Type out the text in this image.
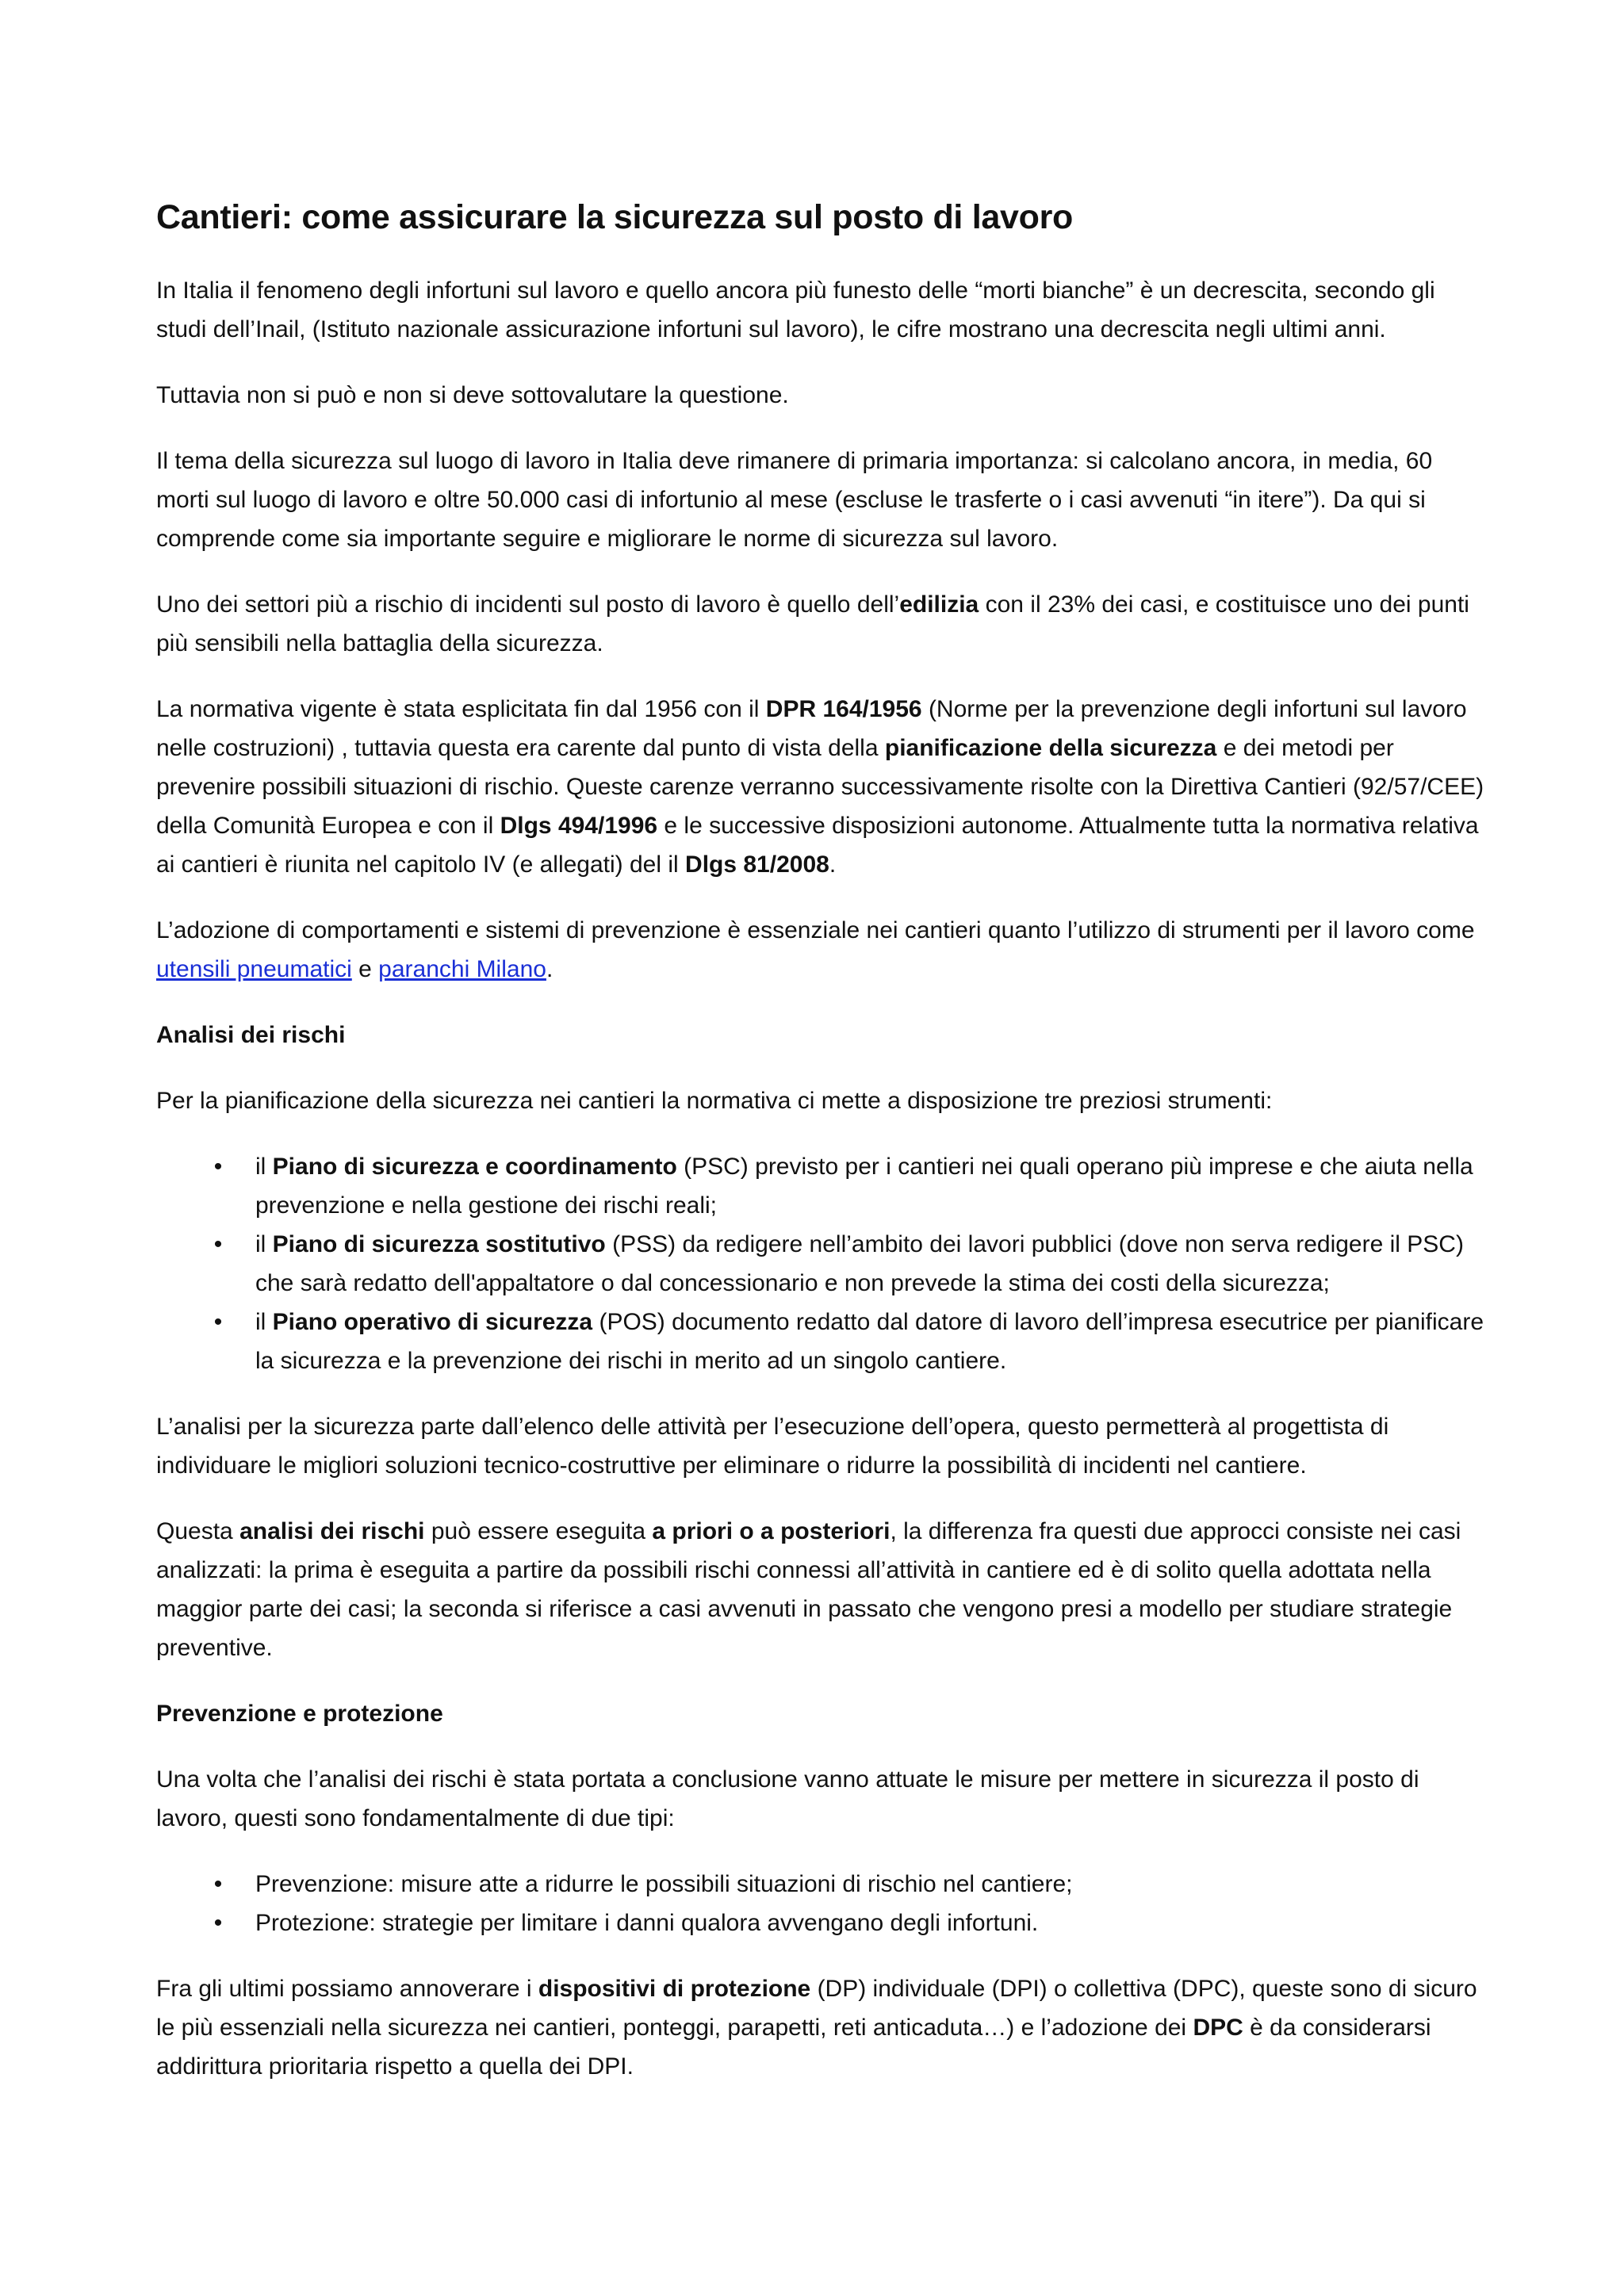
Cantieri: come assicurare la sicurezza sul posto di lavoro

In Italia il fenomeno degli infortuni sul lavoro e quello ancora più funesto delle “morti bianche” è un decrescita, secondo gli studi dell’Inail, (Istituto nazionale assicurazione infortuni sul lavoro), le cifre mostrano una decrescita negli ultimi anni.

Tuttavia non si può e non si deve sottovalutare la questione.

Il tema della sicurezza sul luogo di lavoro in Italia deve rimanere di primaria importanza: si calcolano ancora, in media, 60 morti sul luogo di lavoro e oltre 50.000 casi di infortunio al mese (escluse le trasferte o i casi avvenuti “in itere”). Da qui si comprende come sia importante seguire e migliorare le norme di sicurezza sul lavoro.

Uno dei settori più a rischio di incidenti sul posto di lavoro è quello dell’edilizia con il 23% dei casi, e costituisce uno dei punti più sensibili nella battaglia della sicurezza.

La normativa vigente è stata esplicitata fin dal 1956 con il DPR 164/1956 (Norme per la prevenzione degli infortuni sul lavoro nelle costruzioni) , tuttavia questa era carente dal punto di vista della pianificazione della sicurezza e dei metodi per prevenire possibili situazioni di rischio. Queste carenze verranno successivamente risolte con la Direttiva Cantieri (92/57/CEE) della Comunità Europea e con il Dlgs 494/1996 e le successive disposizioni autonome. Attualmente tutta la normativa relativa ai cantieri è riunita nel capitolo IV (e allegati) del il Dlgs 81/2008.

L’adozione di comportamenti e sistemi di prevenzione è essenziale nei cantieri quanto l’utilizzo di strumenti per il lavoro come utensili pneumatici e paranchi Milano.

Analisi dei rischi

Per la pianificazione della sicurezza nei cantieri la normativa ci mette a disposizione tre preziosi strumenti:

• il Piano di sicurezza e coordinamento (PSC) previsto per i cantieri nei quali operano più imprese e che aiuta nella prevenzione e nella gestione dei rischi reali;
• il Piano di sicurezza sostitutivo (PSS) da redigere nell’ambito dei lavori pubblici (dove non serva redigere il PSC) che sarà redatto dell'appaltatore o dal concessionario e non prevede la stima dei costi della sicurezza;
• il Piano operativo di sicurezza (POS) documento redatto dal datore di lavoro dell’impresa esecutrice per pianificare la sicurezza e la prevenzione dei rischi in merito ad un singolo cantiere.

L’analisi per la sicurezza parte dall’elenco delle attività per l’esecuzione dell’opera, questo permetterà al progettista di individuare le migliori soluzioni tecnico-costruttive per eliminare o ridurre la possibilità di incidenti nel cantiere.

Questa analisi dei rischi può essere eseguita a priori o a posteriori, la differenza fra questi due approcci consiste nei casi analizzati: la prima è eseguita a partire da possibili rischi connessi all’attività in cantiere ed è di solito quella adottata nella maggior parte dei casi; la seconda si riferisce a casi avvenuti in passato che vengono presi a modello per studiare strategie preventive.

Prevenzione e protezione

Una volta che l’analisi dei rischi è stata portata a conclusione vanno attuate le misure per mettere in sicurezza il posto di lavoro, questi sono fondamentalmente di due tipi:

• Prevenzione: misure atte a ridurre le possibili situazioni di rischio nel cantiere;
• Protezione: strategie per limitare i danni qualora avvengano degli infortuni.

Fra gli ultimi possiamo annoverare i dispositivi di protezione (DP) individuale (DPI) o collettiva (DPC), queste sono di sicuro le più essenziali nella sicurezza nei cantieri, ponteggi, parapetti, reti anticaduta…) e l’adozione dei DPC è da considerarsi addirittura prioritaria rispetto a quella dei DPI.
